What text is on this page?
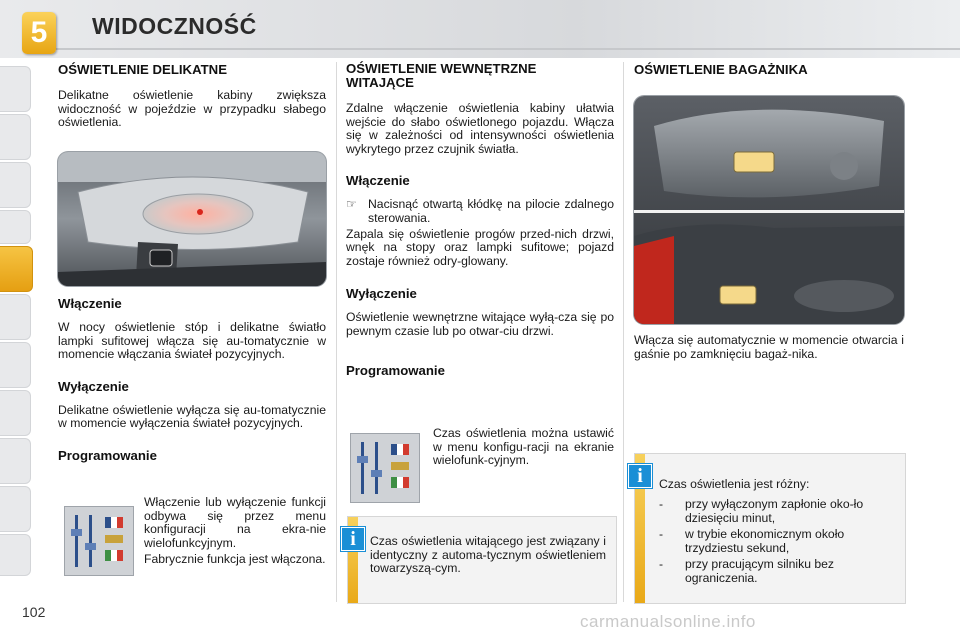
5	WIDOCZNOŚĆ
OŚWIETLENIE DELIKATNE

Delikatne oświetlenie kabiny zwiększa widoczność w pojeździe w przypadku słabego oświetlenia.

Włączenie

W nocy oświetlenie stóp i delikatne światło lampki sufitowej włącza się au-tomatycznie w momencie włączania świateł pozycyjnych.

Wyłączenie

Delikatne oświetlenie wyłącza się au-tomatycznie w momencie wyłączenia świateł pozycyjnych.

Programowanie

Włączenie lub wyłączenie funkcji odbywa się przez menu konfiguracji na ekra-nie wielofunkcyjnym.

Fabrycznie funkcja jest włączona.

OŚWIETLENIE WEWNĘTRZNE WITAJĄCE

Zdalne włączenie oświetlenia kabiny ułatwia wejście do słabo oświetlonego pojazdu. Włącza się w zależności od intensywności oświetlenia wykrytego przez czujnik światła.

Włączenie
☞ Nacisnąć otwartą kłódkę na pilocie zdalnego sterowania.

Zapala się oświetlenie progów przed-nich drzwi, wnęk na stopy oraz lampki sufitowe; pojazd zostaje również odry-glowany.

Wyłączenie

Oświetlenie wewnętrzne witające wyłą-cza się po pewnym czasie lub po otwar-ciu drzwi.

Programowanie

Czas oświetlenia można ustawić w menu konfigu-racji na ekranie wielofunk-cyjnym.

Czas oświetlenia witającego jest związany i identyczny z automa-tycznym oświetleniem towarzyszą-cym.

i
OŚWIETLENIE BAGAŻNIKA

Włącza się automatycznie w momencie otwarcia i gaśnie po zamknięciu bagaż-nika.

Czas oświetlenia jest różny:

- przy wyłączonym zapłonie oko-ło dziesięciu minut,
- w trybie ekonomicznym około trzydziestu sekund,
- przy pracującym silniku bez ograniczenia.
i
102	carmanualsonline.info
